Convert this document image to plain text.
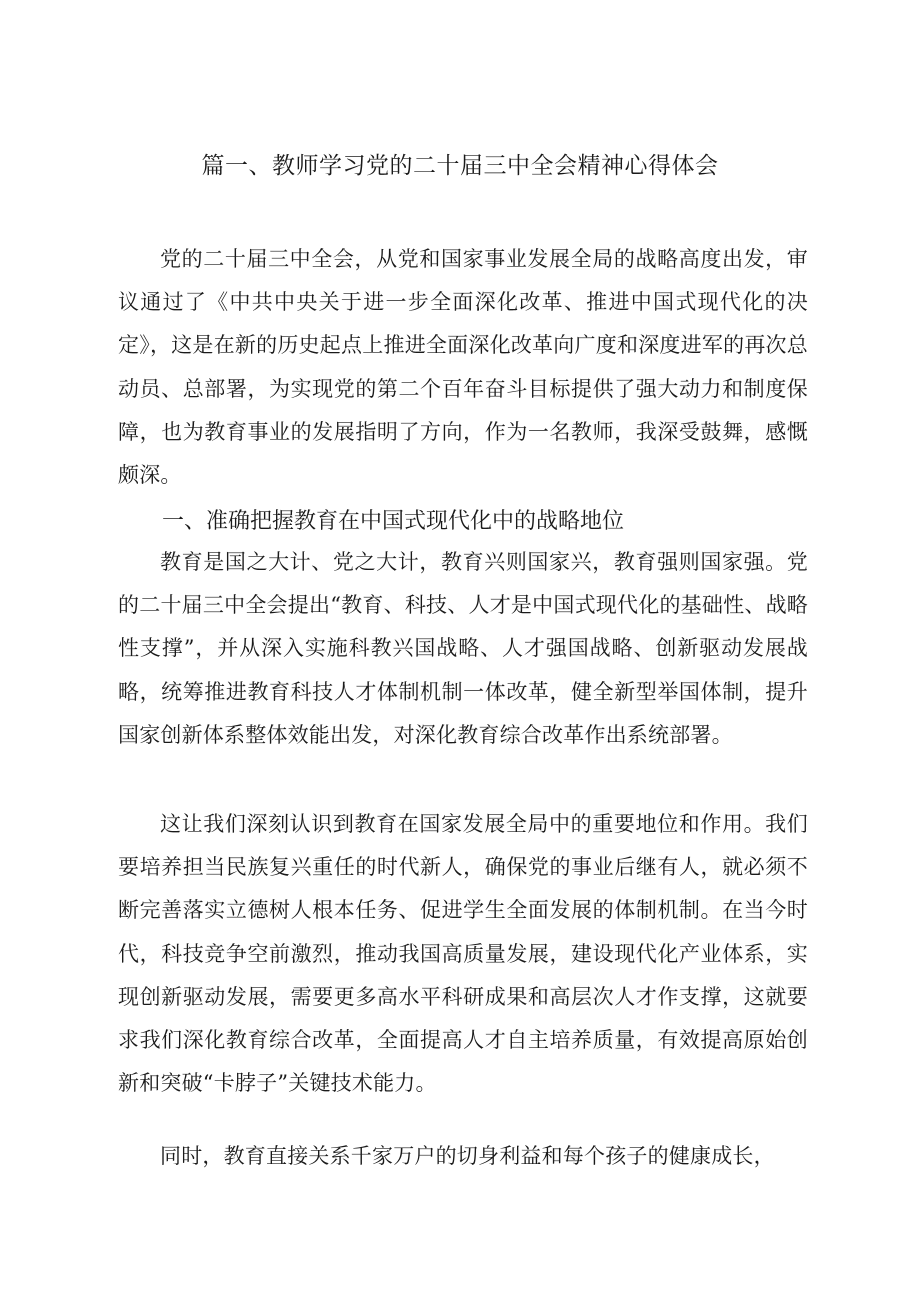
篇一、教师学习党的二十届三中全会精神心得体会

党的二十届三中全会，从党和国家事业发展全局的战略高度出发，审议通过了《中共中央关于进一步全面深化改革、推进中国式现代化的决定》，这是在新的历史起点上推进全面深化改革向广度和深度进军的再次总动员、总部署，为实现党的第二个百年奋斗目标提供了强大动力和制度保障，也为教育事业的发展指明了方向，作为一名教师，我深受鼓舞，感慨颇深。

一、准确把握教育在中国式现代化中的战略地位

教育是国之大计、党之大计，教育兴则国家兴，教育强则国家强。党的二十届三中全会提出“教育、科技、人才是中国式现代化的基础性、战略性支撑”，并从深入实施科教兴国战略、人才强国战略、创新驱动发展战略，统筹推进教育科技人才体制机制一体改革，健全新型举国体制，提升国家创新体系整体效能出发，对深化教育综合改革作出系统部署。

这让我们深刻认识到教育在国家发展全局中的重要地位和作用。我们要培养担当民族复兴重任的时代新人，确保党的事业后继有人，就必须不断完善落实立德树人根本任务、促进学生全面发展的体制机制。在当今时代，科技竞争空前激烈，推动我国高质量发展，建设现代化产业体系，实现创新驱动发展，需要更多高水平科研成果和高层次人才作支撑，这就要求我们深化教育综合改革，全面提高人才自主培养质量，有效提高原始创新和突破“卡脖子”关键技术能力。

同时，教育直接关系千家万户的切身利益和每个孩子的健康成长，
